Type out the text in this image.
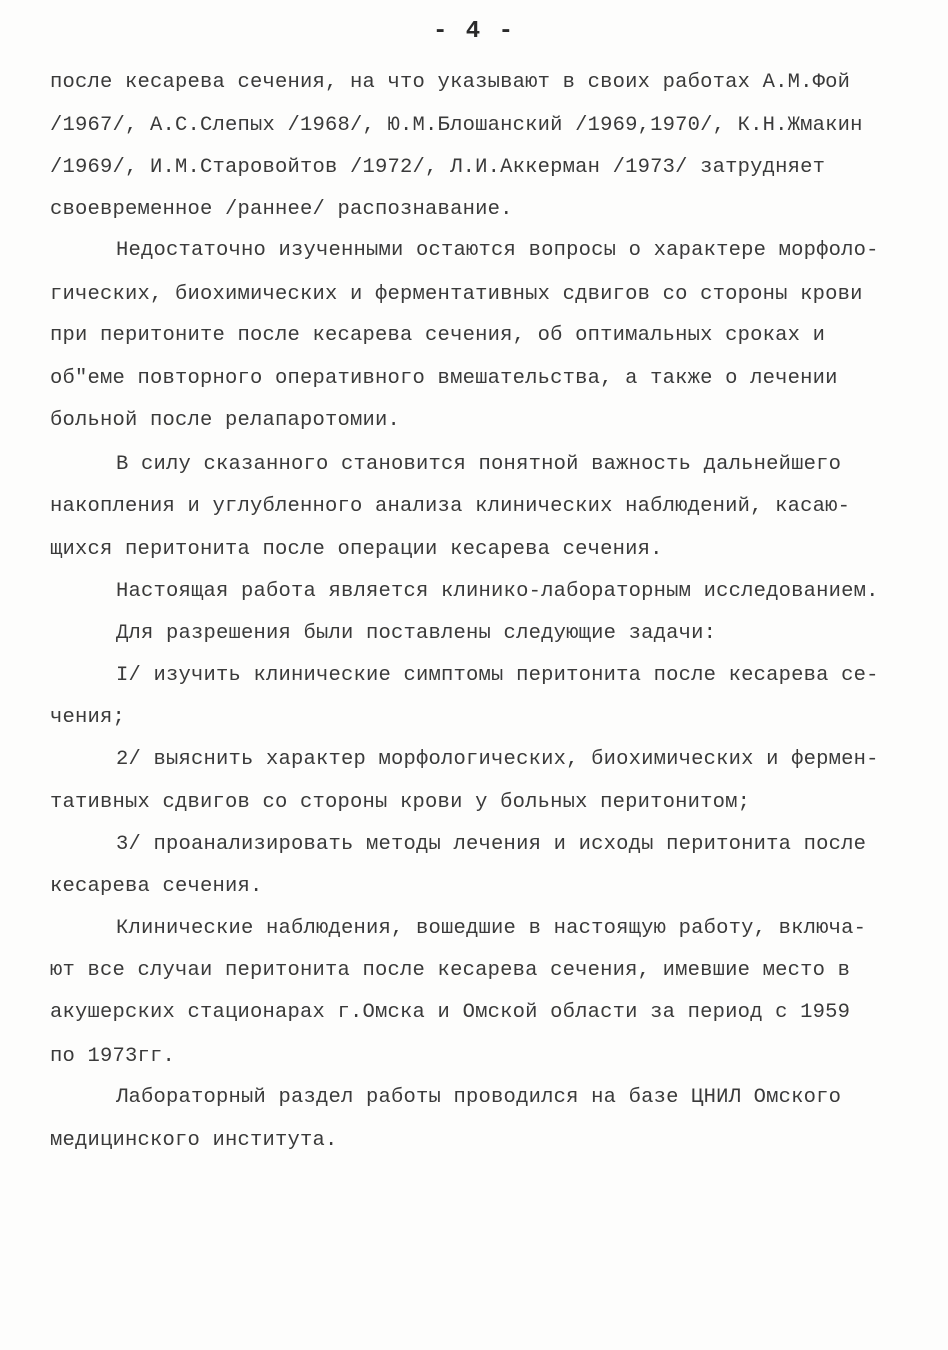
- 4 -
после кесарева сечения, на что указывают в своих работах А.М.Фой
/1967/, А.С.Слепых /1968/, Ю.М.Блошанский /1969,1970/, К.Н.Жмакин
/1969/, И.М.Старовойтов /1972/, Л.И.Аккерман /1973/ затрудняет
своевременное /раннее/ распознавание.
Недостаточно изученными остаются вопросы о характере морфоло-
гических, биохимических и ферментативных сдвигов со стороны крови
при перитоните после кесарева сечения, об оптимальных сроках и
об"еме повторного оперативного вмешательства, а также о лечении
больной после релапаротомии.
В силу сказанного становится понятной важность дальнейшего
накопления и углубленного анализа клинических наблюдений, касаю-
щихся перитонита после операции кесарева сечения.
Настоящая работа является клинико-лабораторным исследованием.
Для разрешения были поставлены следующие задачи:
I/ изучить клинические симптомы перитонита после кесарева се-
чения;
2/ выяснить характер морфологических, биохимических и фермен-
тативных сдвигов со стороны крови у больных перитонитом;
3/ проанализировать методы лечения и исходы перитонита после
кесарева сечения.
Клинические наблюдения, вошедшие в настоящую работу, включа-
ют все случаи перитонита после кесарева сечения, имевшие место в
акушерских стационарах г.Омска и Омской области за период с 1959
по 1973гг.
Лабораторный раздел работы проводился на базе ЦНИЛ Омского
медицинского института.
